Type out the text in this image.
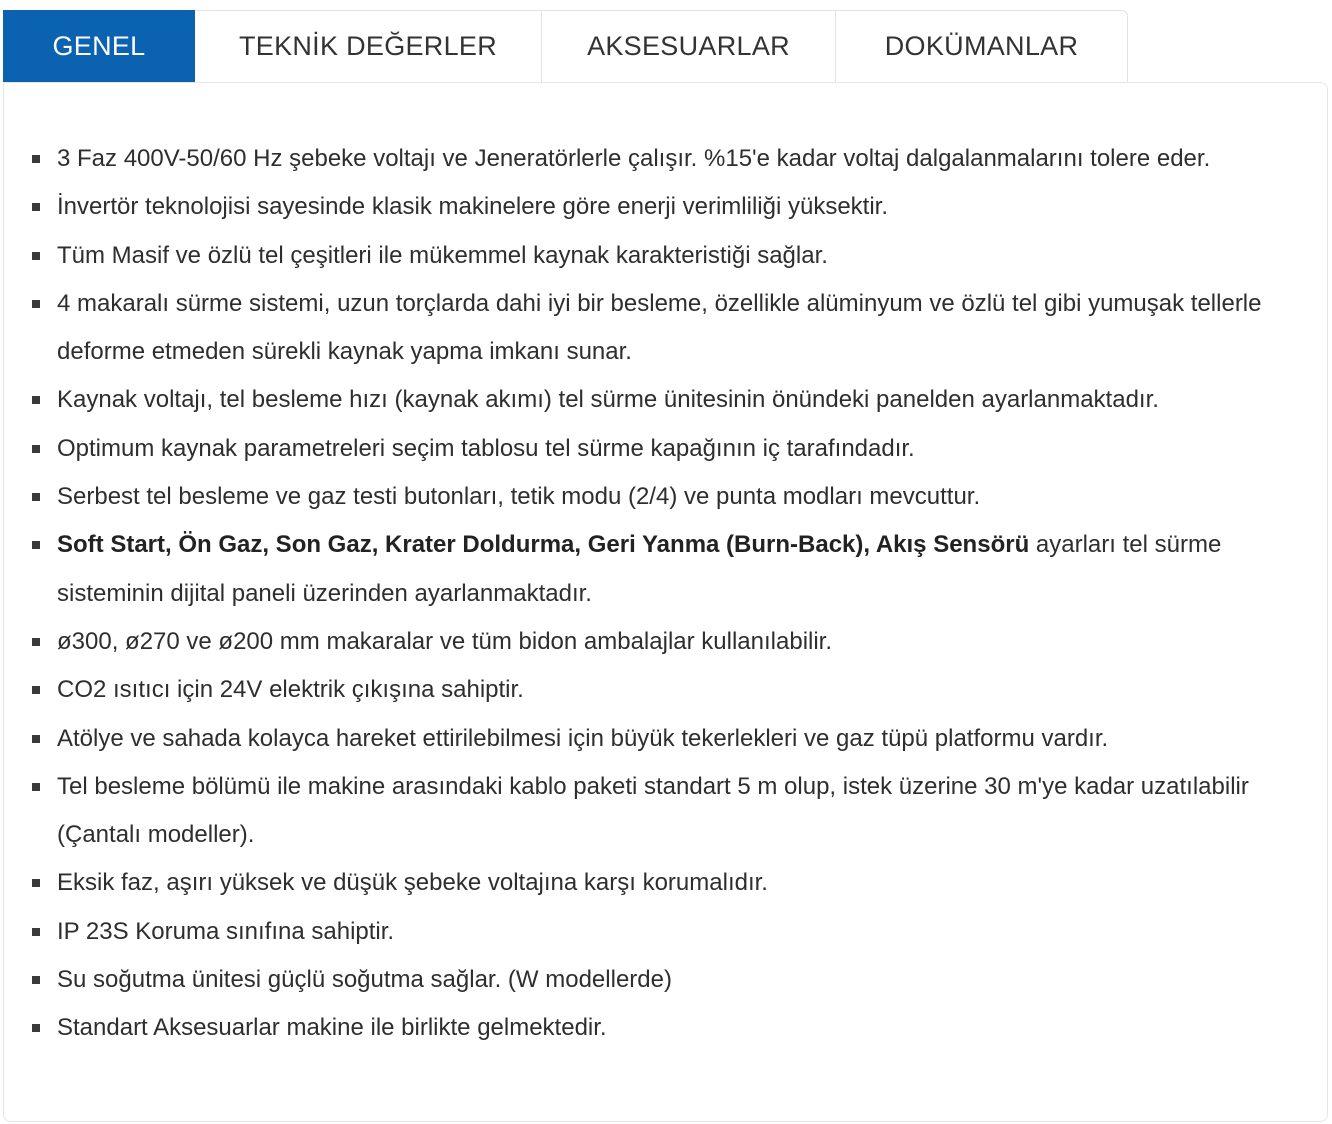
GENEL	TEKNİK DEĞERLER	AKSESUARLAR	DOKÜMANLAR
3 Faz 400V-50/60 Hz şebeke voltajı ve Jeneratörlerle çalışır. %15'e kadar voltaj dalgalanmalarını tolere eder.
İnvertör teknolojisi sayesinde klasik makinelere göre enerji verimliliği yüksektir.
Tüm Masif ve özlü tel çeşitleri ile mükemmel kaynak karakteristiği sağlar.
4 makaralı sürme sistemi, uzun torçlarda dahi iyi bir besleme, özellikle alüminyum ve özlü tel gibi yumuşak tellerle deforme etmeden sürekli kaynak yapma imkanı sunar.
Kaynak voltajı, tel besleme hızı (kaynak akımı) tel sürme ünitesinin önündeki panelden ayarlanmaktadır.
Optimum kaynak parametreleri seçim tablosu tel sürme kapağının iç tarafındadır.
Serbest tel besleme ve gaz testi butonları, tetik modu (2/4) ve punta modları mevcuttur.
Soft Start, Ön Gaz, Son Gaz, Krater Doldurma, Geri Yanma (Burn-Back), Akış Sensörü ayarları tel sürme sisteminin dijital paneli üzerinden ayarlanmaktadır.
ø300, ø270 ve ø200 mm makaralar ve tüm bidon ambalajlar kullanılabilir.
CO2 ısıtıcı için 24V elektrik çıkışına sahiptir.
Atölye ve sahada kolayca hareket ettirilebilmesi için büyük tekerlekleri ve gaz tüpü platformu vardır.
Tel besleme bölümü ile makine arasındaki kablo paketi standart 5 m olup, istek üzerine 30 m'ye kadar uzatılabilir (Çantalı modeller).
Eksik faz, aşırı yüksek ve düşük şebeke voltajına karşı korumalıdır.
IP 23S Koruma sınıfına sahiptir.
Su soğutma ünitesi güçlü soğutma sağlar. (W modellerde)
Standart Aksesuarlar makine ile birlikte gelmektedir.
